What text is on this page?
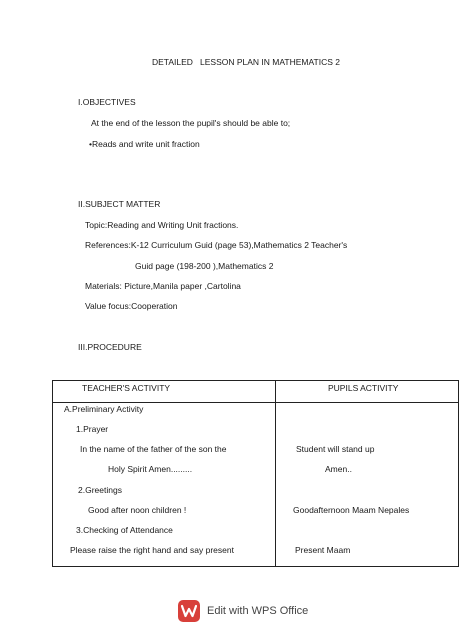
DETAILED   LESSON PLAN IN MATHEMATICS 2
I.OBJECTIVES
At the end of the lesson the pupil's should be able to;
•Reads and write unit fraction
II.SUBJECT MATTER
Topic:Reading and Writing Unit fractions.
References:K-12 Curriculum Guid (page 53),Mathematics 2 Teacher's
Guid page (198-200 ),Mathematics 2
Materials: Picture,Manila paper ,Cartolina
Value focus:Cooperation
III.PROCEDURE
TEACHER'S ACTIVITY	PUPILS ACTIVITY
A.Preliminary Activity
1.Prayer
In the name of the father of the son the	Student will stand up
Holy Spirit Amen.........	Amen..
2.Greetings
Good after noon children !	Goodafternoon Maam Nepales
3.Checking of Attendance
Please raise the right hand and say present	Present Maam
Edit with WPS Office
